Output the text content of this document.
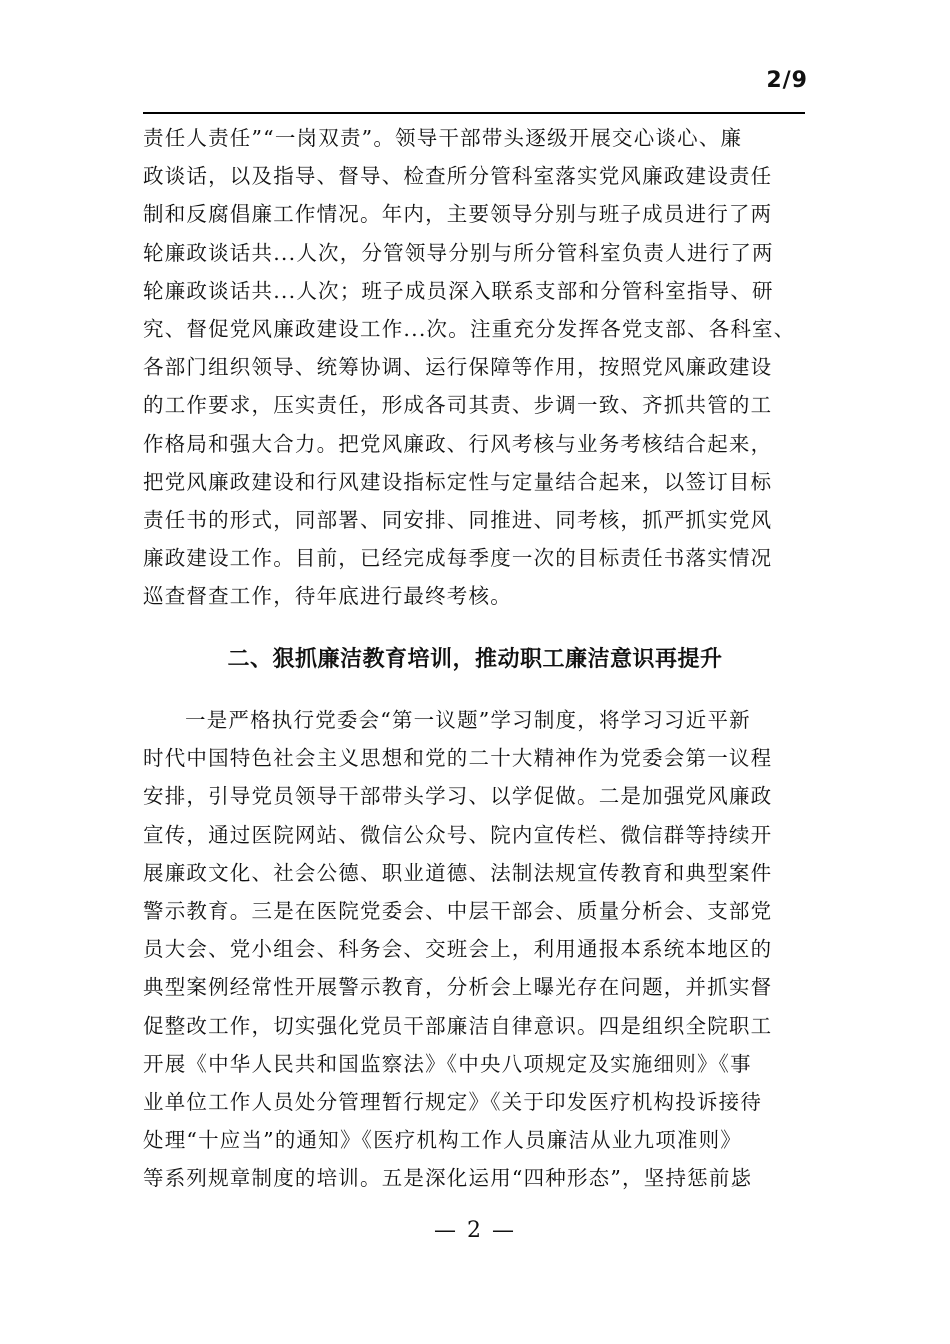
2/9
责任人责任”“一岗双责”。领导干部带头逐级开展交心谈心、廉
政谈话，以及指导、督导、检查所分管科室落实党风廉政建设责任
制和反腐倡廉工作情况。年内，主要领导分别与班子成员进行了两
轮廉政谈话共...人次，分管领导分别与所分管科室负责人进行了两
轮廉政谈话共...人次；班子成员深入联系支部和分管科室指导、研
究、督促党风廉政建设工作...次。注重充分发挥各党支部、各科室、
各部门组织领导、统筹协调、运行保障等作用，按照党风廉政建设
的工作要求，压实责任，形成各司其责、步调一致、齐抓共管的工
作格局和强大合力。把党风廉政、行风考核与业务考核结合起来，
把党风廉政建设和行风建设指标定性与定量结合起来，以签订目标
责任书的形式，同部署、同安排、同推进、同考核，抓严抓实党风
廉政建设工作。目前，已经完成每季度一次的目标责任书落实情况
巡查督查工作，待年底进行最终考核。
二、狠抓廉洁教育培训，推动职工廉洁意识再提升
一是严格执行党委会“第一议题”学习制度，将学习习近平新
时代中国特色社会主义思想和党的二十大精神作为党委会第一议程
安排，引导党员领导干部带头学习、以学促做。二是加强党风廉政
宣传，通过医院网站、微信公众号、院内宣传栏、微信群等持续开
展廉政文化、社会公德、职业道德、法制法规宣传教育和典型案件
警示教育。三是在医院党委会、中层干部会、质量分析会、支部党
员大会、党小组会、科务会、交班会上，利用通报本系统本地区的
典型案例经常性开展警示教育，分析会上曝光存在问题，并抓实督
促整改工作，切实强化党员干部廉洁自律意识。四是组织全院职工
开展《中华人民共和国监察法》《中央八项规定及实施细则》《事
业单位工作人员处分管理暂行规定》《关于印发医疗机构投诉接待
处理“十应当”的通知》《医疗机构工作人员廉洁从业九项准则》
等系列规章制度的培训。五是深化运用“四种形态”，坚持惩前毖
— 2 —
